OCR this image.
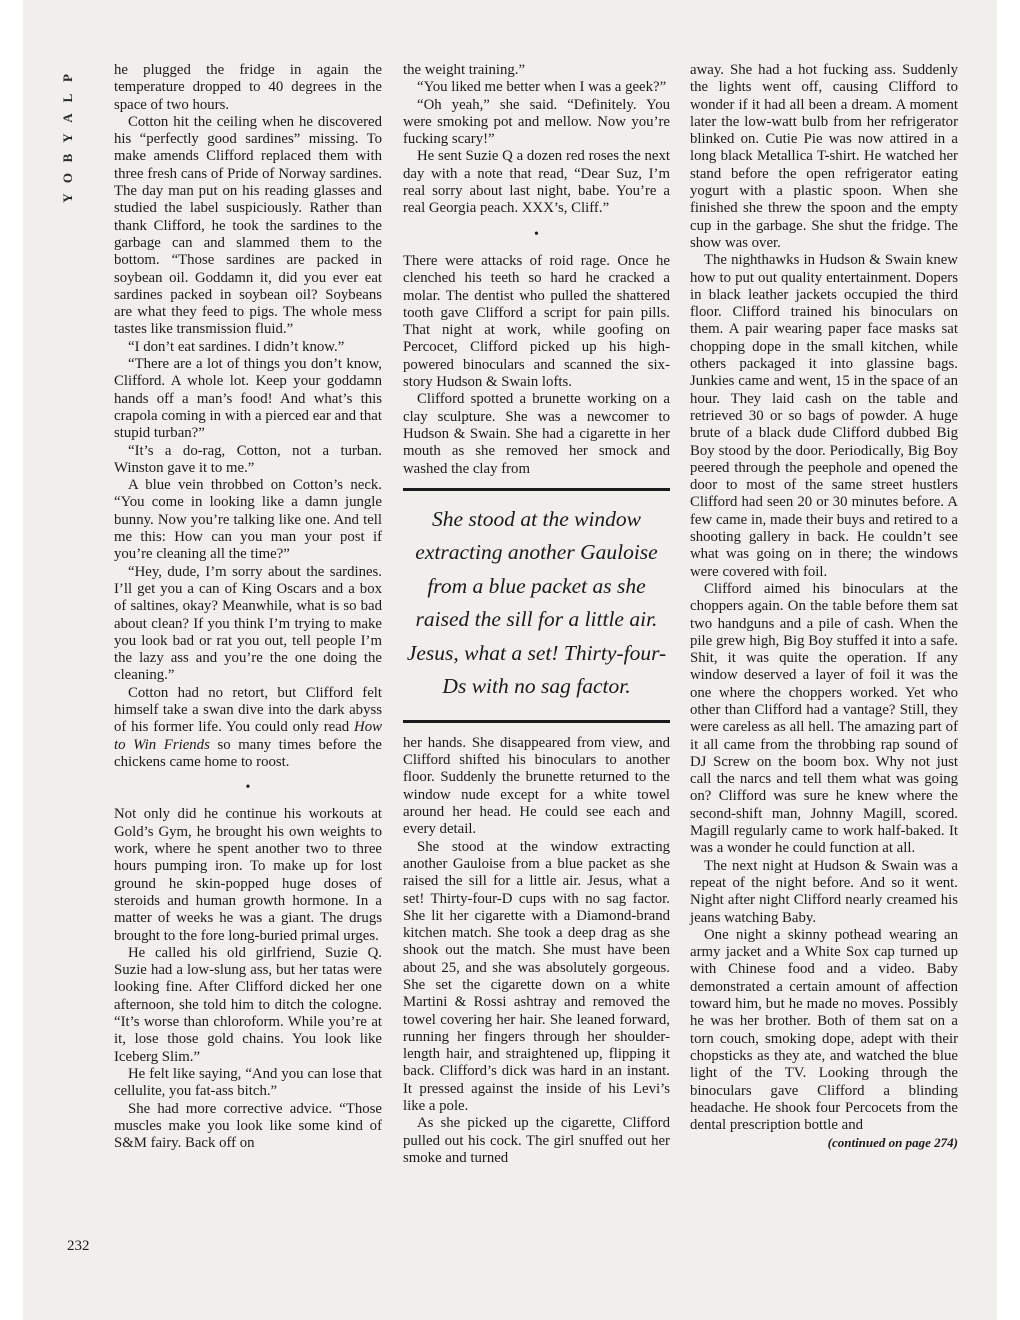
P
L
A
Y
B
O
Y

he plugged the fridge in again the temperature dropped to 40 degrees in the space of two hours.

Cotton hit the ceiling when he discovered his “perfectly good sardines” missing. To make amends Clifford replaced them with three fresh cans of Pride of Norway sardines. The day man put on his reading glasses and studied the label suspiciously. Rather than thank Clifford, he took the sardines to the garbage can and slammed them to the bottom. “Those sardines are packed in soybean oil. Goddamn it, did you ever eat sardines packed in soybean oil? Soybeans are what they feed to pigs. The whole mess tastes like transmission fluid.”

“I don’t eat sardines. I didn’t know.”

“There are a lot of things you don’t know, Clifford. A whole lot. Keep your goddamn hands off a man’s food! And what’s this crapola coming in with a pierced ear and that stupid turban?”

“It’s a do-rag, Cotton, not a turban. Winston gave it to me.”

A blue vein throbbed on Cotton’s neck. “You come in looking like a damn jungle bunny. Now you’re talking like one. And tell me this: How can you man your post if you’re cleaning all the time?”

“Hey, dude, I’m sorry about the sardines. I’ll get you a can of King Oscars and a box of saltines, okay? Meanwhile, what is so bad about clean? If you think I’m trying to make you look bad or rat you out, tell people I’m the lazy ass and you’re the one doing the cleaning.”

Cotton had no retort, but Clifford felt himself take a swan dive into the dark abyss of his former life. You could only read How to Win Friends so many times before the chickens came home to roost.

•

Not only did he continue his workouts at Gold’s Gym, he brought his own weights to work, where he spent another two to three hours pumping iron. To make up for lost ground he skin-popped huge doses of steroids and human growth hormone. In a matter of weeks he was a giant. The drugs brought to the fore long-buried primal urges.

He called his old girlfriend, Suzie Q. Suzie had a low-slung ass, but her tatas were looking fine. After Clifford dicked her one afternoon, she told him to ditch the cologne. “It’s worse than chloroform. While you’re at it, lose those gold chains. You look like Iceberg Slim.”

He felt like saying, “And you can lose that cellulite, you fat-ass bitch.”

She had more corrective advice. “Those muscles make you look like some kind of S&M fairy. Back off on

the weight training.”

“You liked me better when I was a geek?”

“Oh yeah,” she said. “Definitely. You were smoking pot and mellow. Now you’re fucking scary!”

He sent Suzie Q a dozen red roses the next day with a note that read, “Dear Suz, I’m real sorry about last night, babe. You’re a real Georgia peach. XXX’s, Cliff.”

•

There were attacks of roid rage. Once he clenched his teeth so hard he cracked a molar. The dentist who pulled the shattered tooth gave Clifford a script for pain pills. That night at work, while goofing on Percocet, Clifford picked up his high-powered binoculars and scanned the six-story Hudson & Swain lofts.

Clifford spotted a brunette working on a clay sculpture. She was a newcomer to Hudson & Swain. She had a cigarette in her mouth as she removed her smock and washed the clay from

She stood at the window extracting another Gauloise from a blue packet as she raised the sill for a little air. Jesus, what a set! Thirty-four-Ds with no sag factor.

her hands. She disappeared from view, and Clifford shifted his binoculars to another floor. Suddenly the brunette returned to the window nude except for a white towel around her head. He could see each and every detail.

She stood at the window extracting another Gauloise from a blue packet as she raised the sill for a little air. Jesus, what a set! Thirty-four-D cups with no sag factor. She lit her cigarette with a Diamond-brand kitchen match. She took a deep drag as she shook out the match. She must have been about 25, and she was absolutely gorgeous. She set the cigarette down on a white Martini & Rossi ashtray and removed the towel covering her hair. She leaned forward, running her fingers through her shoulder-length hair, and straightened up, flipping it back. Clifford’s dick was hard in an instant. It pressed against the inside of his Levi’s like a pole.

As she picked up the cigarette, Clifford pulled out his cock. The girl snuffed out her smoke and turned

away. She had a hot fucking ass. Suddenly the lights went off, causing Clifford to wonder if it had all been a dream. A moment later the low-watt bulb from her refrigerator blinked on. Cutie Pie was now attired in a long black Metallica T-shirt. He watched her stand before the open refrigerator eating yogurt with a plastic spoon. When she finished she threw the spoon and the empty cup in the garbage. She shut the fridge. The show was over.

The nighthawks in Hudson & Swain knew how to put out quality entertainment. Dopers in black leather jackets occupied the third floor. Clifford trained his binoculars on them. A pair wearing paper face masks sat chopping dope in the small kitchen, while others packaged it into glassine bags. Junkies came and went, 15 in the space of an hour. They laid cash on the table and retrieved 30 or so bags of powder. A huge brute of a black dude Clifford dubbed Big Boy stood by the door. Periodically, Big Boy peered through the peephole and opened the door to most of the same street hustlers Clifford had seen 20 or 30 minutes before. A few came in, made their buys and retired to a shooting gallery in back. He couldn’t see what was going on in there; the windows were covered with foil.

Clifford aimed his binoculars at the choppers again. On the table before them sat two handguns and a pile of cash. When the pile grew high, Big Boy stuffed it into a safe. Shit, it was quite the operation. If any window deserved a layer of foil it was the one where the choppers worked. Yet who other than Clifford had a vantage? Still, they were careless as all hell. The amazing part of it all came from the throbbing rap sound of DJ Screw on the boom box. Why not just call the narcs and tell them what was going on? Clifford was sure he knew where the second-shift man, Johnny Magill, scored. Magill regularly came to work half-baked. It was a wonder he could function at all.

The next night at Hudson & Swain was a repeat of the night before. And so it went. Night after night Clifford nearly creamed his jeans watching Baby.

One night a skinny pothead wearing an army jacket and a White Sox cap turned up with Chinese food and a video. Baby demonstrated a certain amount of affection toward him, but he made no moves. Possibly he was her brother. Both of them sat on a torn couch, smoking dope, adept with their chopsticks as they ate, and watched the blue light of the TV. Looking through the binoculars gave Clifford a blinding headache. He shook four Percocets from the dental prescription bottle and

(continued on page 274)
232
